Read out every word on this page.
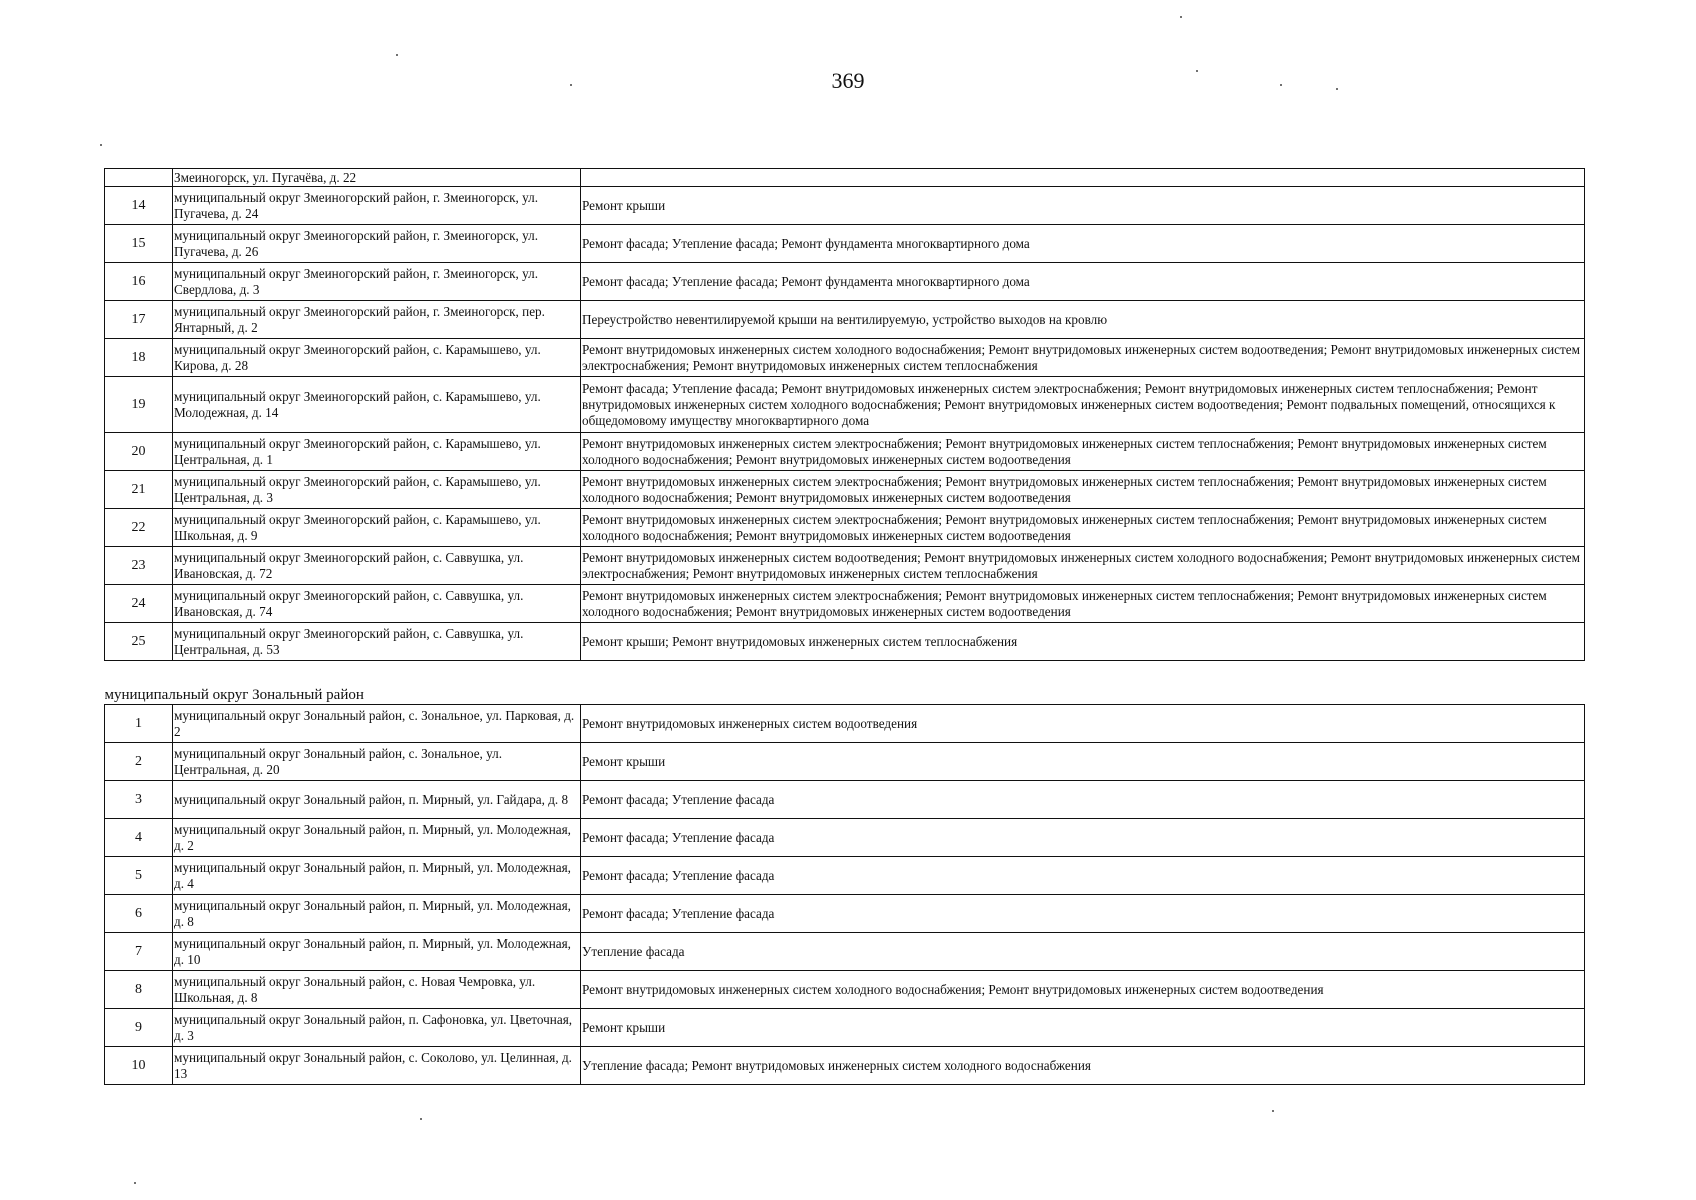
369
	Змеиногорск, ул. Пугачёва, д. 22	
14	муниципальный округ Змеиногорский район, г. Змеиногорск, ул. Пугачева, д. 24	Ремонт крыши
15	муниципальный округ Змеиногорский район, г. Змеиногорск, ул. Пугачева, д. 26	Ремонт фасада; Утепление фасада; Ремонт фундамента многоквартирного дома
16	муниципальный округ Змеиногорский район, г. Змеиногорск, ул. Свердлова, д. 3	Ремонт фасада; Утепление фасада; Ремонт фундамента многоквартирного дома
17	муниципальный округ Змеиногорский район, г. Змеиногорск, пер. Янтарный, д. 2	Переустройство невентилируемой крыши на вентилируемую, устройство выходов на кровлю
18	муниципальный округ Змеиногорский район, с. Карамышево, ул. Кирова, д. 28	Ремонт внутридомовых инженерных систем холодного водоснабжения; Ремонт внутридомовых инженерных систем водоотведения; Ремонт внутридомовых инженерных систем электроснабжения; Ремонт внутридомовых инженерных систем теплоснабжения
19	муниципальный округ Змеиногорский район, с. Карамышево, ул. Молодежная, д. 14	Ремонт фасада; Утепление фасада; Ремонт внутридомовых инженерных систем электроснабжения; Ремонт внутридомовых инженерных систем теплоснабжения; Ремонт внутридомовых инженерных систем холодного водоснабжения; Ремонт внутридомовых инженерных систем водоотведения; Ремонт подвальных помещений, относящихся к общедомовому имуществу многоквартирного дома
20	муниципальный округ Змеиногорский район, с. Карамышево, ул. Центральная, д. 1	Ремонт внутридомовых инженерных систем электроснабжения; Ремонт внутридомовых инженерных систем теплоснабжения; Ремонт внутридомовых инженерных систем холодного водоснабжения; Ремонт внутридомовых инженерных систем водоотведения
21	муниципальный округ Змеиногорский район, с. Карамышево, ул. Центральная, д. 3	Ремонт внутридомовых инженерных систем электроснабжения; Ремонт внутридомовых инженерных систем теплоснабжения; Ремонт внутридомовых инженерных систем холодного водоснабжения; Ремонт внутридомовых инженерных систем водоотведения
22	муниципальный округ Змеиногорский район, с. Карамышево, ул. Школьная, д. 9	Ремонт внутридомовых инженерных систем электроснабжения; Ремонт внутридомовых инженерных систем теплоснабжения; Ремонт внутридомовых инженерных систем холодного водоснабжения; Ремонт внутридомовых инженерных систем водоотведения
23	муниципальный округ Змеиногорский район, с. Саввушка, ул. Ивановская, д. 72	Ремонт внутридомовых инженерных систем водоотведения; Ремонт внутридомовых инженерных систем холодного водоснабжения; Ремонт внутридомовых инженерных систем электроснабжения; Ремонт внутридомовых инженерных систем теплоснабжения
24	муниципальный округ Змеиногорский район, с. Саввушка, ул. Ивановская, д. 74	Ремонт внутридомовых инженерных систем электроснабжения; Ремонт внутридомовых инженерных систем теплоснабжения; Ремонт внутридомовых инженерных систем холодного водоснабжения; Ремонт внутридомовых инженерных систем водоотведения
25	муниципальный округ Змеиногорский район, с. Саввушка, ул. Центральная, д. 53	Ремонт крыши; Ремонт внутридомовых инженерных систем теплоснабжения
муниципальный округ Зональный район		
1	муниципальный округ Зональный район, с. Зональное, ул. Парковая, д. 2	Ремонт внутридомовых инженерных систем водоотведения
2	муниципальный округ Зональный район, с. Зональное, ул. Центральная, д. 20	Ремонт крыши
3	муниципальный округ Зональный район, п. Мирный, ул. Гайдара, д. 8	Ремонт фасада; Утепление фасада
4	муниципальный округ Зональный район, п. Мирный, ул. Молодежная, д. 2	Ремонт фасада; Утепление фасада
5	муниципальный округ Зональный район, п. Мирный, ул. Молодежная, д. 4	Ремонт фасада; Утепление фасада
6	муниципальный округ Зональный район, п. Мирный, ул. Молодежная, д. 8	Ремонт фасада; Утепление фасада
7	муниципальный округ Зональный район, п. Мирный, ул. Молодежная, д. 10	Утепление фасада
8	муниципальный округ Зональный район, с. Новая Чемровка, ул. Школьная, д. 8	Ремонт внутридомовых инженерных систем холодного водоснабжения; Ремонт внутридомовых инженерных систем водоотведения
9	муниципальный округ Зональный район, п. Сафоновка, ул. Цветочная, д. 3	Ремонт крыши
10	муниципальный округ Зональный район, с. Соколово, ул. Целинная, д. 13	Утепление фасада; Ремонт внутридомовых инженерных систем холодного водоснабжения
